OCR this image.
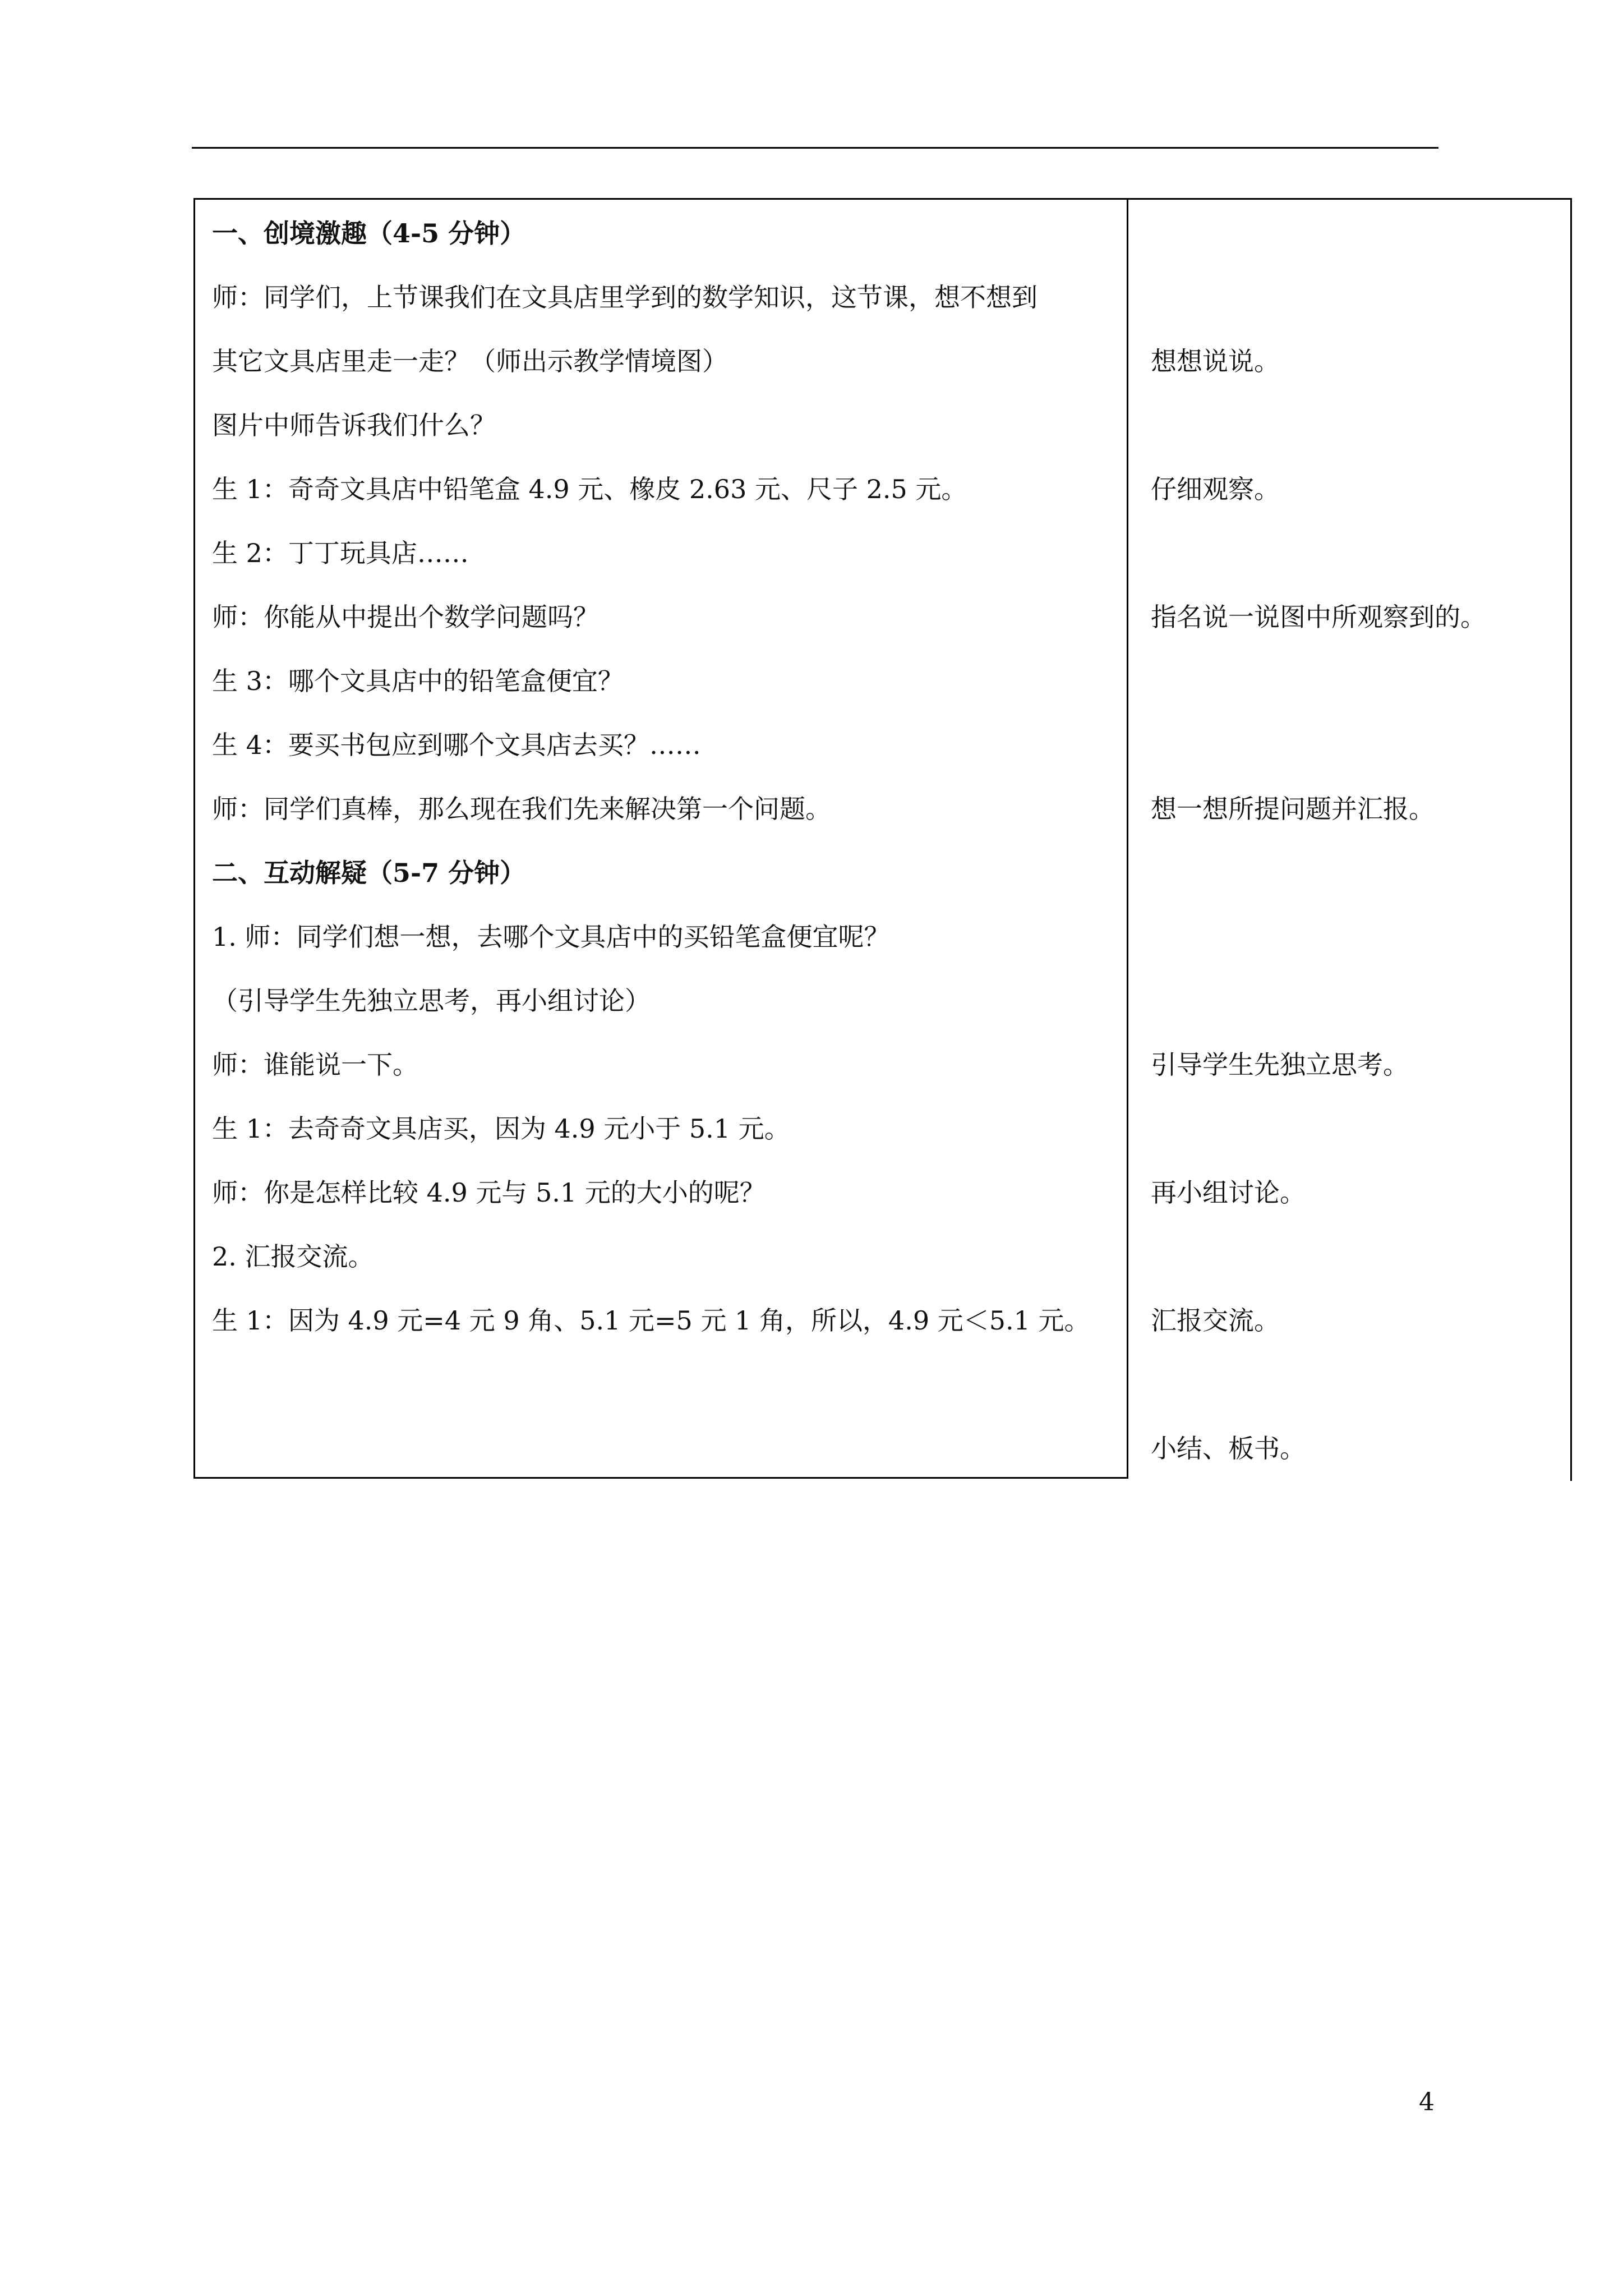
一、创境激趣（4-5 分钟）
师：同学们，上节课我们在文具店里学到的数学知识，这节课，想不想到
其它文具店里走一走？（师出示教学情境图）
图片中师告诉我们什么？
生 1：奇奇文具店中铅笔盒 4.9 元、橡皮 2.63 元、尺子 2.5 元。
生 2：丁丁玩具店……
师：你能从中提出个数学问题吗？
生 3：哪个文具店中的铅笔盒便宜？
生 4：要买书包应到哪个文具店去买？……
师：同学们真棒，那么现在我们先来解决第一个问题。
二、互动解疑（5-7 分钟）
1. 师：同学们想一想，去哪个文具店中的买铅笔盒便宜呢？
（引导学生先独立思考，再小组讨论）
师：谁能说一下。
生 1：去奇奇文具店买，因为 4.9 元小于 5.1 元。
师：你是怎样比较 4.9 元与 5.1 元的大小的呢？
2. 汇报交流。
生 1：因为 4.9 元=4 元 9 角、5.1 元=5 元 1 角，所以，4.9 元＜5.1 元。
想想说说。
仔细观察。
指名说一说图中所观察到的。
想一想所提问题并汇报。
引导学生先独立思考。
再小组讨论。
汇报交流。
小结、板书。
4
